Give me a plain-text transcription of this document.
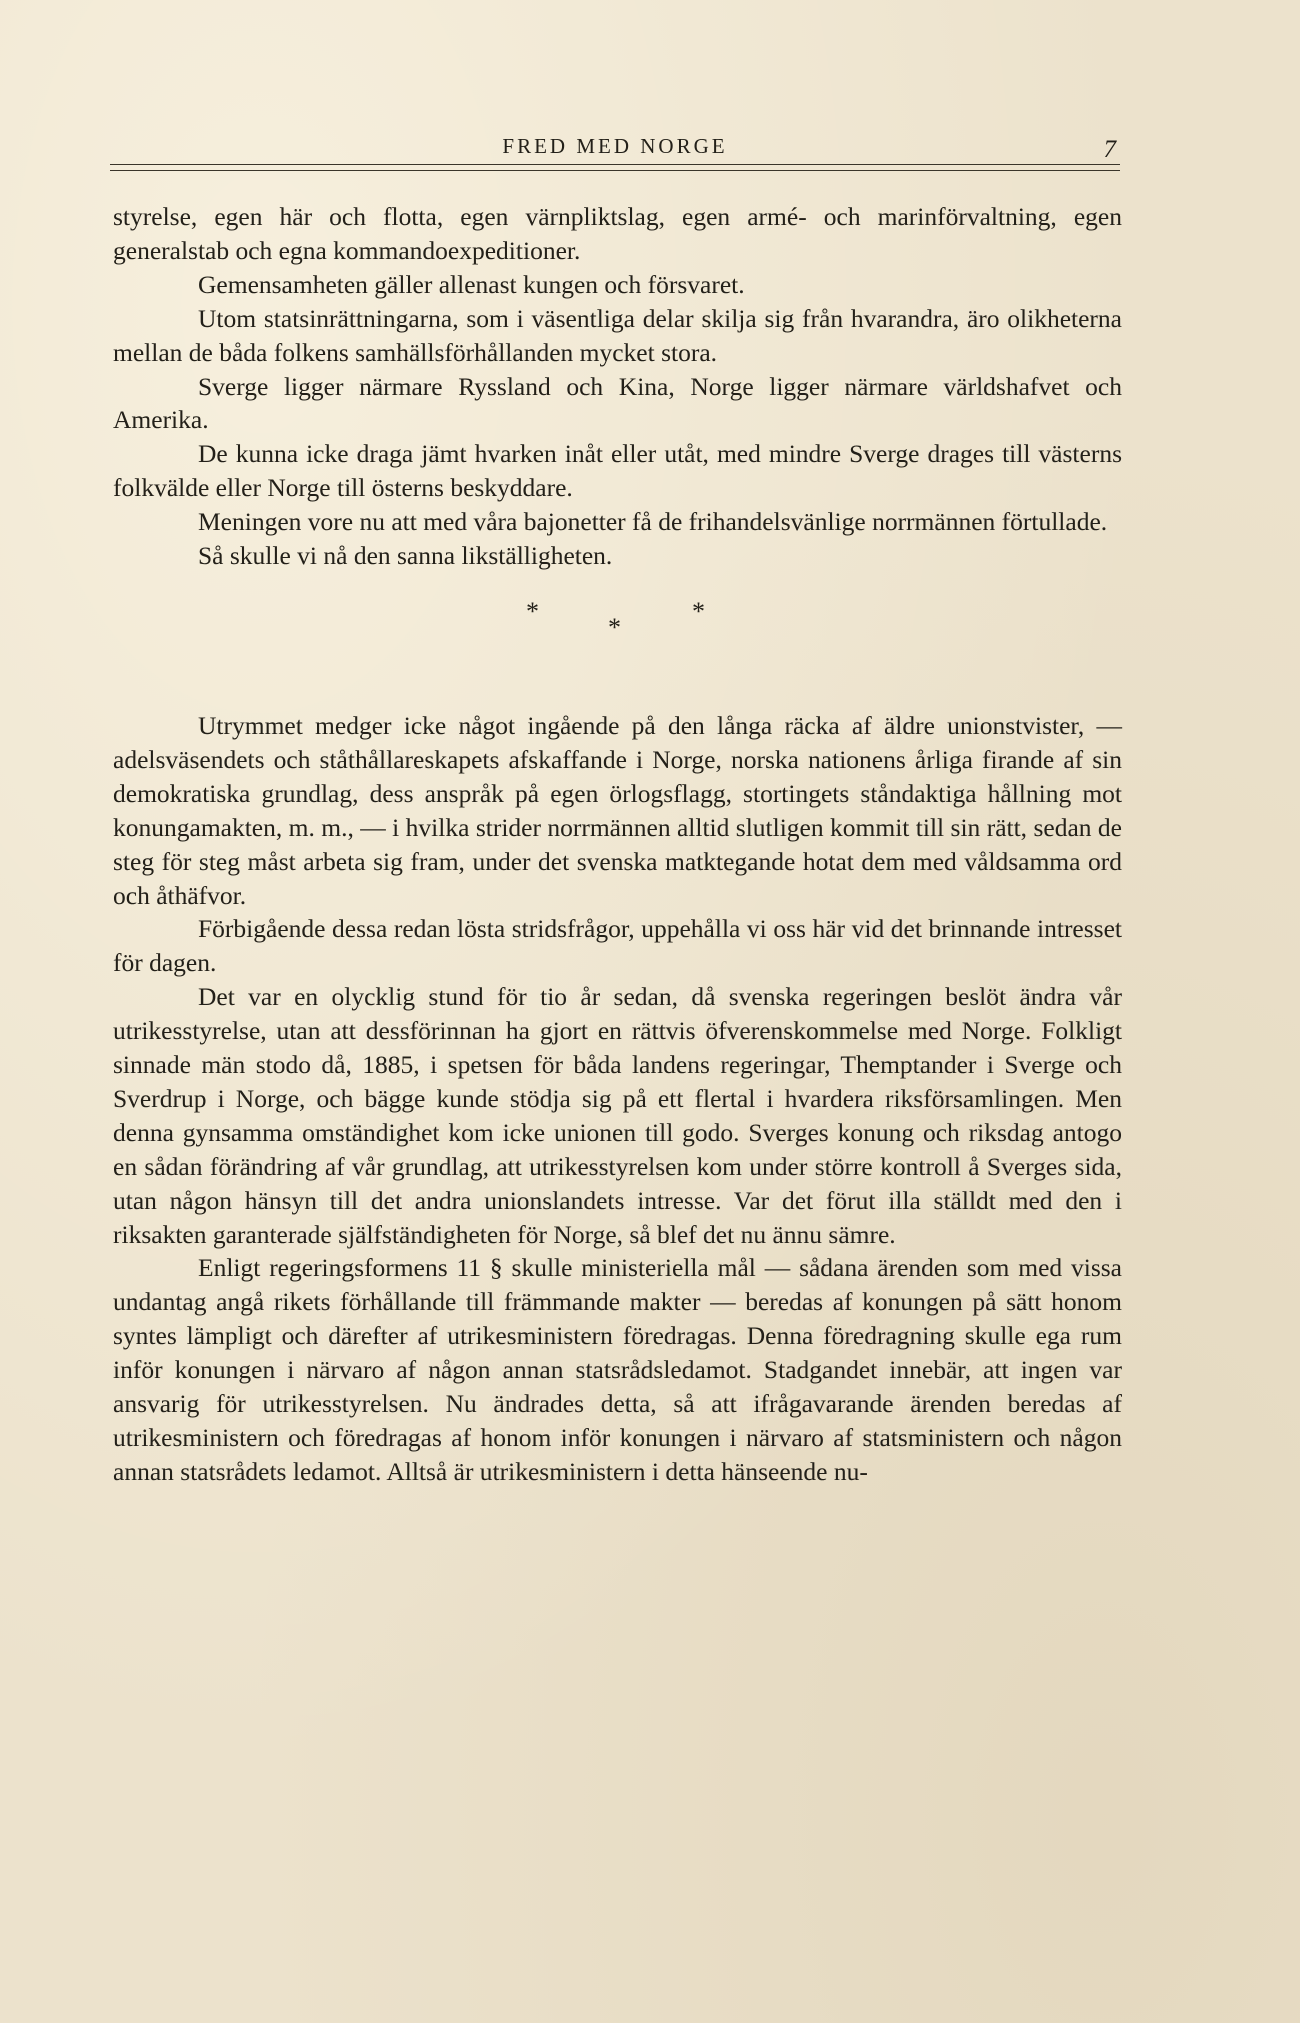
FRED MED NORGE	7

styrelse, egen här och flotta, egen värnpliktslag, egen armé- och marinförvaltning, egen generalstab och egna kommandoexpeditioner.

Gemensamheten gäller allenast kungen och försvaret.

Utom statsinrättningarna, som i väsentliga delar skilja sig från hvarandra, äro olikheterna mellan de båda folkens samhällsförhållanden mycket stora.

Sverge ligger närmare Ryssland och Kina, Norge ligger närmare världshafvet och Amerika.

De kunna icke draga jämt hvarken inåt eller utåt, med mindre Sverge drages till västerns folkvälde eller Norge till österns beskyddare.

Meningen vore nu att med våra bajonetter få de frihandelsvänlige norrmännen förtullade.

Så skulle vi nå den sanna likställigheten.

*
*
*

Utrymmet medger icke något ingående på den långa räcka af äldre unionstvister, — adelsväsendets och ståthållareskapets afskaffande i Norge, norska nationens årliga firande af sin demokratiska grundlag, dess anspråk på egen örlogsflagg, stortingets ståndaktiga hållning mot konungamakten, m. m., — i hvilka strider norrmännen alltid slutligen kommit till sin rätt, sedan de steg för steg måst arbeta sig fram, under det svenska matktegande hotat dem med våldsamma ord och åthäfvor.

Förbigående dessa redan lösta stridsfrågor, uppehålla vi oss här vid det brinnande intresset för dagen.

Det var en olycklig stund för tio år sedan, då svenska regeringen beslöt ändra vår utrikesstyrelse, utan att dessförinnan ha gjort en rättvis öfverenskommelse med Norge. Folkligt sinnade män stodo då, 1885, i spetsen för båda landens regeringar, Themptander i Sverge och Sverdrup i Norge, och bägge kunde stödja sig på ett flertal i hvardera riksförsamlingen. Men denna gynsamma omständighet kom icke unionen till godo. Sverges konung och riksdag antogo en sådan förändring af vår grundlag, att utrikesstyrelsen kom under större kontroll å Sverges sida, utan någon hänsyn till det andra unionslandets intresse. Var det förut illa ställdt med den i riksakten garanterade själfständigheten för Norge, så blef det nu ännu sämre.

Enligt regeringsformens 11 § skulle ministeriella mål — sådana ärenden som med vissa undantag angå rikets förhållande till främmande makter — beredas af konungen på sätt honom syntes lämpligt och därefter af utrikesministern föredragas. Denna föredragning skulle ega rum inför konungen i närvaro af någon annan statsrådsledamot. Stadgandet innebär, att ingen var ansvarig för utrikesstyrelsen. Nu ändrades detta, så att ifrågavarande ärenden beredas af utrikesministern och föredragas af honom inför konungen i närvaro af statsministern och någon annan statsrådets ledamot. Alltså är utrikesministern i detta hänseende nu-
